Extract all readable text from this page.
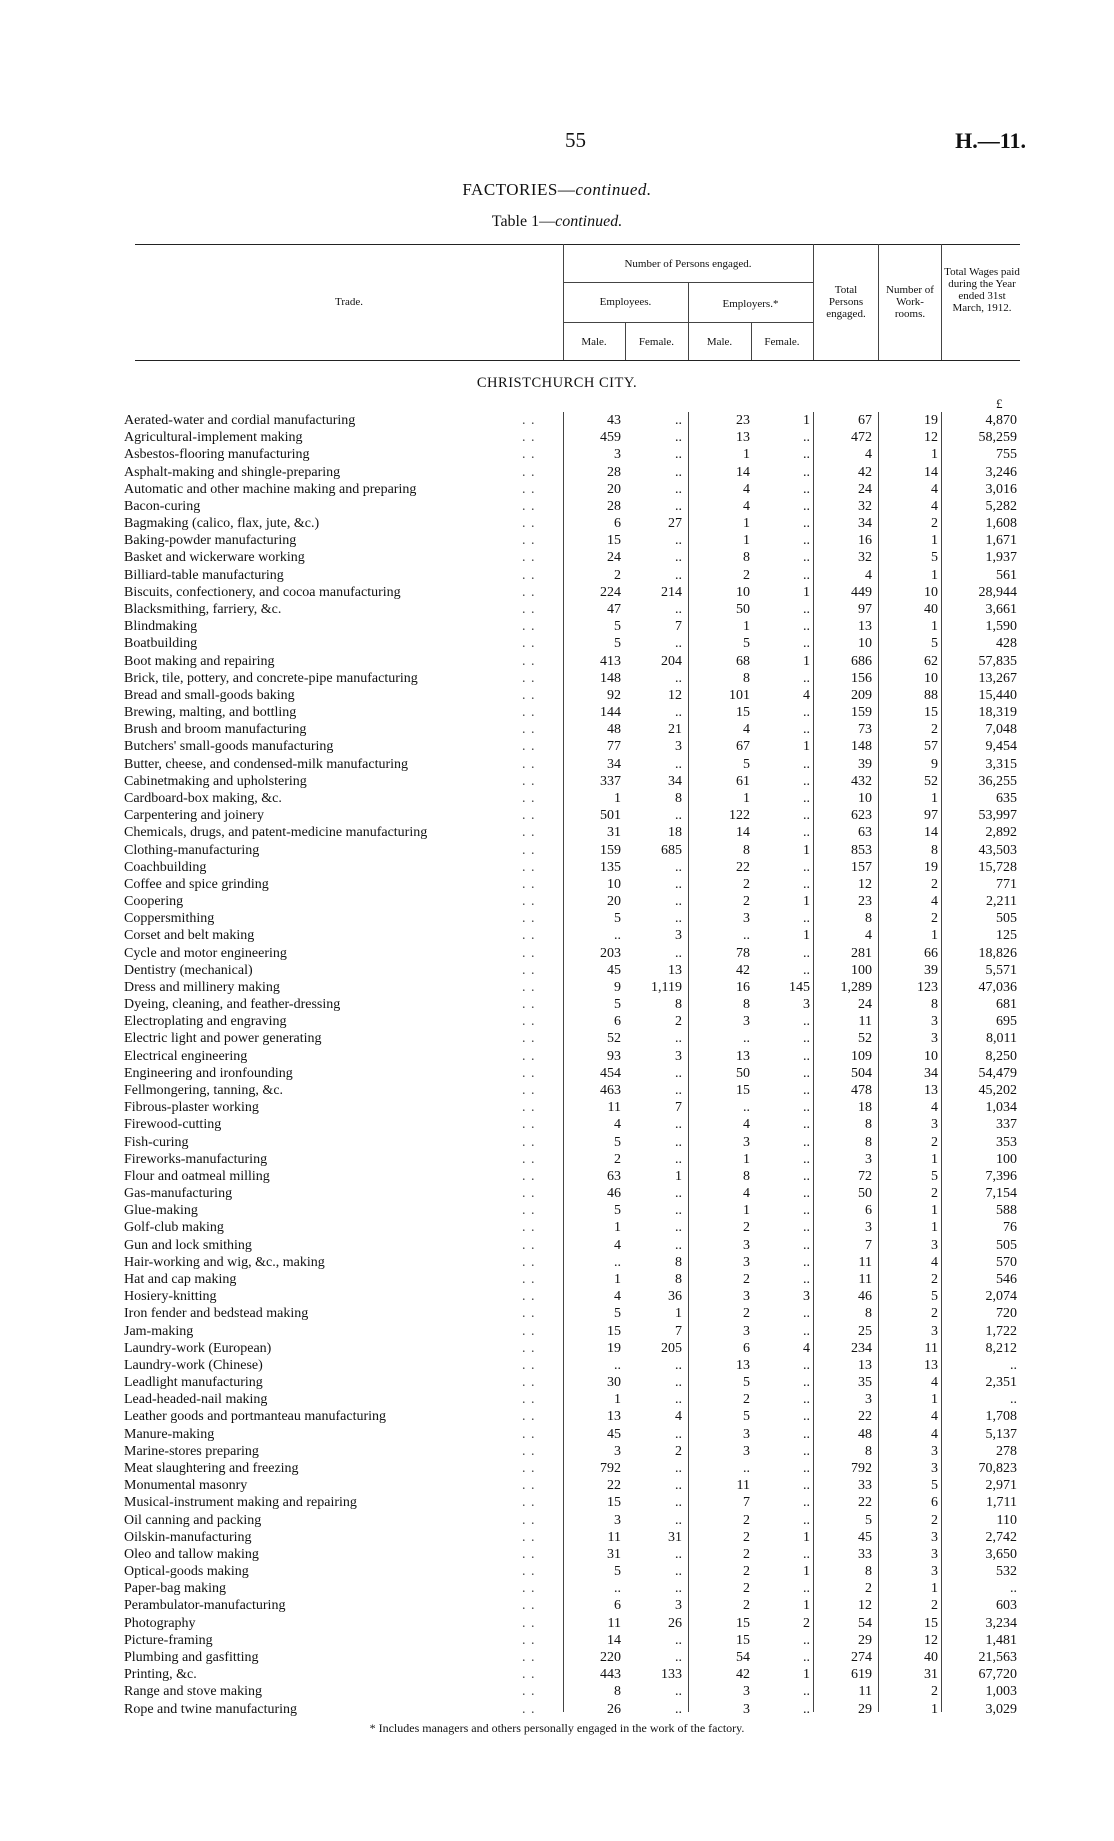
55	H.—11.
FACTORIES—continued.
Table 1—continued.
Trade.
Number of Persons engaged.
Employees.	Employers.*
Male.	Female.	Male.	Female.
Total Persons engaged.
Number of Work-rooms.
Total Wages paid during the Year ended 31st March, 1912.
CHRISTCHURCH CITY.
£
Aerated-water and cordial manufacturing	. .	43	..	23	1	67	19	4,870
Agricultural-implement making	. .	459	..	13	..	472	12	58,259
Asbestos-flooring manufacturing	. .	3	..	1	..	4	1	755
Asphalt-making and shingle-preparing	. .	28	..	14	..	42	14	3,246
Automatic and other machine making and preparing	. .	20	..	4	..	24	4	3,016
Bacon-curing	. .	28	..	4	..	32	4	5,282
Bagmaking (calico, flax, jute, &c.)	. .	6	27	1	..	34	2	1,608
Baking-powder manufacturing	. .	15	..	1	..	16	1	1,671
Basket and wickerware working	. .	24	..	8	..	32	5	1,937
Billiard-table manufacturing	. .	2	..	2	..	4	1	561
Biscuits, confectionery, and cocoa manufacturing	. .	224	214	10	1	449	10	28,944
Blacksmithing, farriery, &c.	. .	47	..	50	..	97	40	3,661
Blindmaking	. .	5	7	1	..	13	1	1,590
Boatbuilding	. .	5	..	5	..	10	5	428
Boot making and repairing	. .	413	204	68	1	686	62	57,835
Brick, tile, pottery, and concrete-pipe manufacturing	. .	148	..	8	..	156	10	13,267
Bread and small-goods baking	. .	92	12	101	4	209	88	15,440
Brewing, malting, and bottling	. .	144	..	15	..	159	15	18,319
Brush and broom manufacturing	. .	48	21	4	..	73	2	7,048
Butchers' small-goods manufacturing	. .	77	3	67	1	148	57	9,454
Butter, cheese, and condensed-milk manufacturing	. .	34	..	5	..	39	9	3,315
Cabinetmaking and upholstering	. .	337	34	61	..	432	52	36,255
Cardboard-box making, &c.	. .	1	8	1	..	10	1	635
Carpentering and joinery	. .	501	..	122	..	623	97	53,997
Chemicals, drugs, and patent-medicine manufacturing	. .	31	18	14	..	63	14	2,892
Clothing-manufacturing	. .	159	685	8	1	853	8	43,503
Coachbuilding	. .	135	..	22	..	157	19	15,728
Coffee and spice grinding	. .	10	..	2	..	12	2	771
Coopering	. .	20	..	2	1	23	4	2,211
Coppersmithing	. .	5	..	3	..	8	2	505
Corset and belt making	. .	..	3	..	1	4	1	125
Cycle and motor engineering	. .	203	..	78	..	281	66	18,826
Dentistry (mechanical)	. .	45	13	42	..	100	39	5,571
Dress and millinery making	. .	9	1,119	16	145	1,289	123	47,036
Dyeing, cleaning, and feather-dressing	. .	5	8	8	3	24	8	681
Electroplating and engraving	. .	6	2	3	..	11	3	695
Electric light and power generating	. .	52	..	..	..	52	3	8,011
Electrical engineering	. .	93	3	13	..	109	10	8,250
Engineering and ironfounding	. .	454	..	50	..	504	34	54,479
Fellmongering, tanning, &c.	. .	463	..	15	..	478	13	45,202
Fibrous-plaster working	. .	11	7	..	..	18	4	1,034
Firewood-cutting	. .	4	..	4	..	8	3	337
Fish-curing	. .	5	..	3	..	8	2	353
Fireworks-manufacturing	. .	2	..	1	..	3	1	100
Flour and oatmeal milling	. .	63	1	8	..	72	5	7,396
Gas-manufacturing	. .	46	..	4	..	50	2	7,154
Glue-making	. .	5	..	1	..	6	1	588
Golf-club making	. .	1	..	2	..	3	1	76
Gun and lock smithing	. .	4	..	3	..	7	3	505
Hair-working and wig, &c., making	. .	..	8	3	..	11	4	570
Hat and cap making	. .	1	8	2	..	11	2	546
Hosiery-knitting	. .	4	36	3	3	46	5	2,074
Iron fender and bedstead making	. .	5	1	2	..	8	2	720
Jam-making	. .	15	7	3	..	25	3	1,722
Laundry-work (European)	. .	19	205	6	4	234	11	8,212
Laundry-work (Chinese)	. .	..	..	13	..	13	13	..
Leadlight manufacturing	. .	30	..	5	..	35	4	2,351
Lead-headed-nail making	. .	1	..	2	..	3	1	..
Leather goods and portmanteau manufacturing	. .	13	4	5	..	22	4	1,708
Manure-making	. .	45	..	3	..	48	4	5,137
Marine-stores preparing	. .	3	2	3	..	8	3	278
Meat slaughtering and freezing	. .	792	..	..	..	792	3	70,823
Monumental masonry	. .	22	..	11	..	33	5	2,971
Musical-instrument making and repairing	. .	15	..	7	..	22	6	1,711
Oil canning and packing	. .	3	..	2	..	5	2	110
Oilskin-manufacturing	. .	11	31	2	1	45	3	2,742
Oleo and tallow making	. .	31	..	2	..	33	3	3,650
Optical-goods making	. .	5	..	2	1	8	3	532
Paper-bag making	. .	..	..	2	..	2	1	..
Perambulator-manufacturing	. .	6	3	2	1	12	2	603
Photography	. .	11	26	15	2	54	15	3,234
Picture-framing	. .	14	..	15	..	29	12	1,481
Plumbing and gasfitting	. .	220	..	54	..	274	40	21,563
Printing, &c.	. .	443	133	42	1	619	31	67,720
Range and stove making	. .	8	..	3	..	11	2	1,003
Rope and twine manufacturing	. .	26	..	3	..	29	1	3,029
* Includes managers and others personally engaged in the work of the factory.
